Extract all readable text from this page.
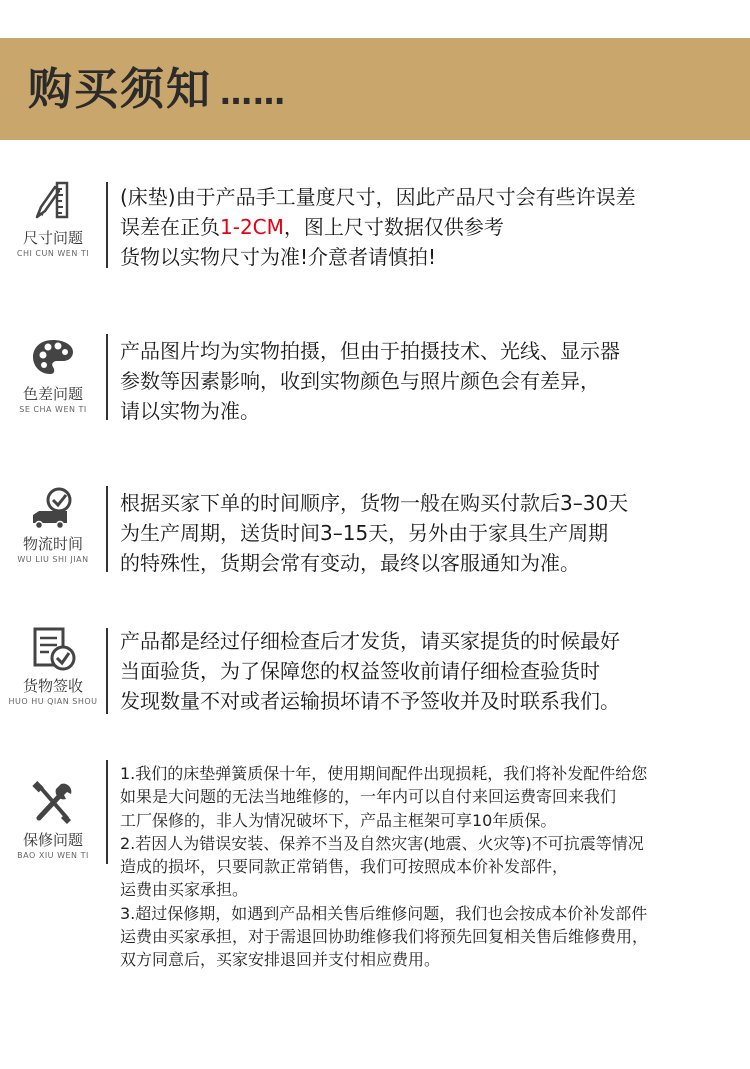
购买须知 ……
尺寸问题
CHI CUN WEN TI
(床垫)由于产品手工量度尺寸，因此产品尺寸会有些许误差
误差在正负1-2CM，图上尺寸数据仅供参考
货物以实物尺寸为准!介意者请慎拍!
色差问题
SE CHA WEN TI
产品图片均为实物拍摄，但由于拍摄技术、光线、显示器
参数等因素影响，收到实物颜色与照片颜色会有差异，
请以实物为准。
物流时间
WU LIU SHI JIAN
根据买家下单的时间顺序，货物一般在购买付款后3–30天
为生产周期，送货时间3–15天，另外由于家具生产周期
的特殊性，货期会常有变动，最终以客服通知为准。
货物签收
HUO HU QIAN SHOU
产品都是经过仔细检查后才发货，请买家提货的时候最好
当面验货，为了保障您的权益签收前请仔细检查验货时
发现数量不对或者运输损坏请不予签收并及时联系我们。
保修问题
BAO XIU WEN TI
1.我们的床垫弹簧质保十年，使用期间配件出现损耗，我们将补发配件给您
如果是大问题的无法当地维修的，一年内可以自付来回运费寄回来我们
工厂保修的，非人为情况破坏下，产品主框架可享10年质保。
2.若因人为错误安装、保养不当及自然灾害(地震、火灾等)不可抗震等情况
造成的损坏，只要同款正常销售，我们可按照成本价补发部件，
运费由买家承担。
3.超过保修期，如遇到产品相关售后维修问题，我们也会按成本价补发部件
运费由买家承担，对于需退回协助维修我们将预先回复相关售后维修费用，
双方同意后，买家安排退回并支付相应费用。
